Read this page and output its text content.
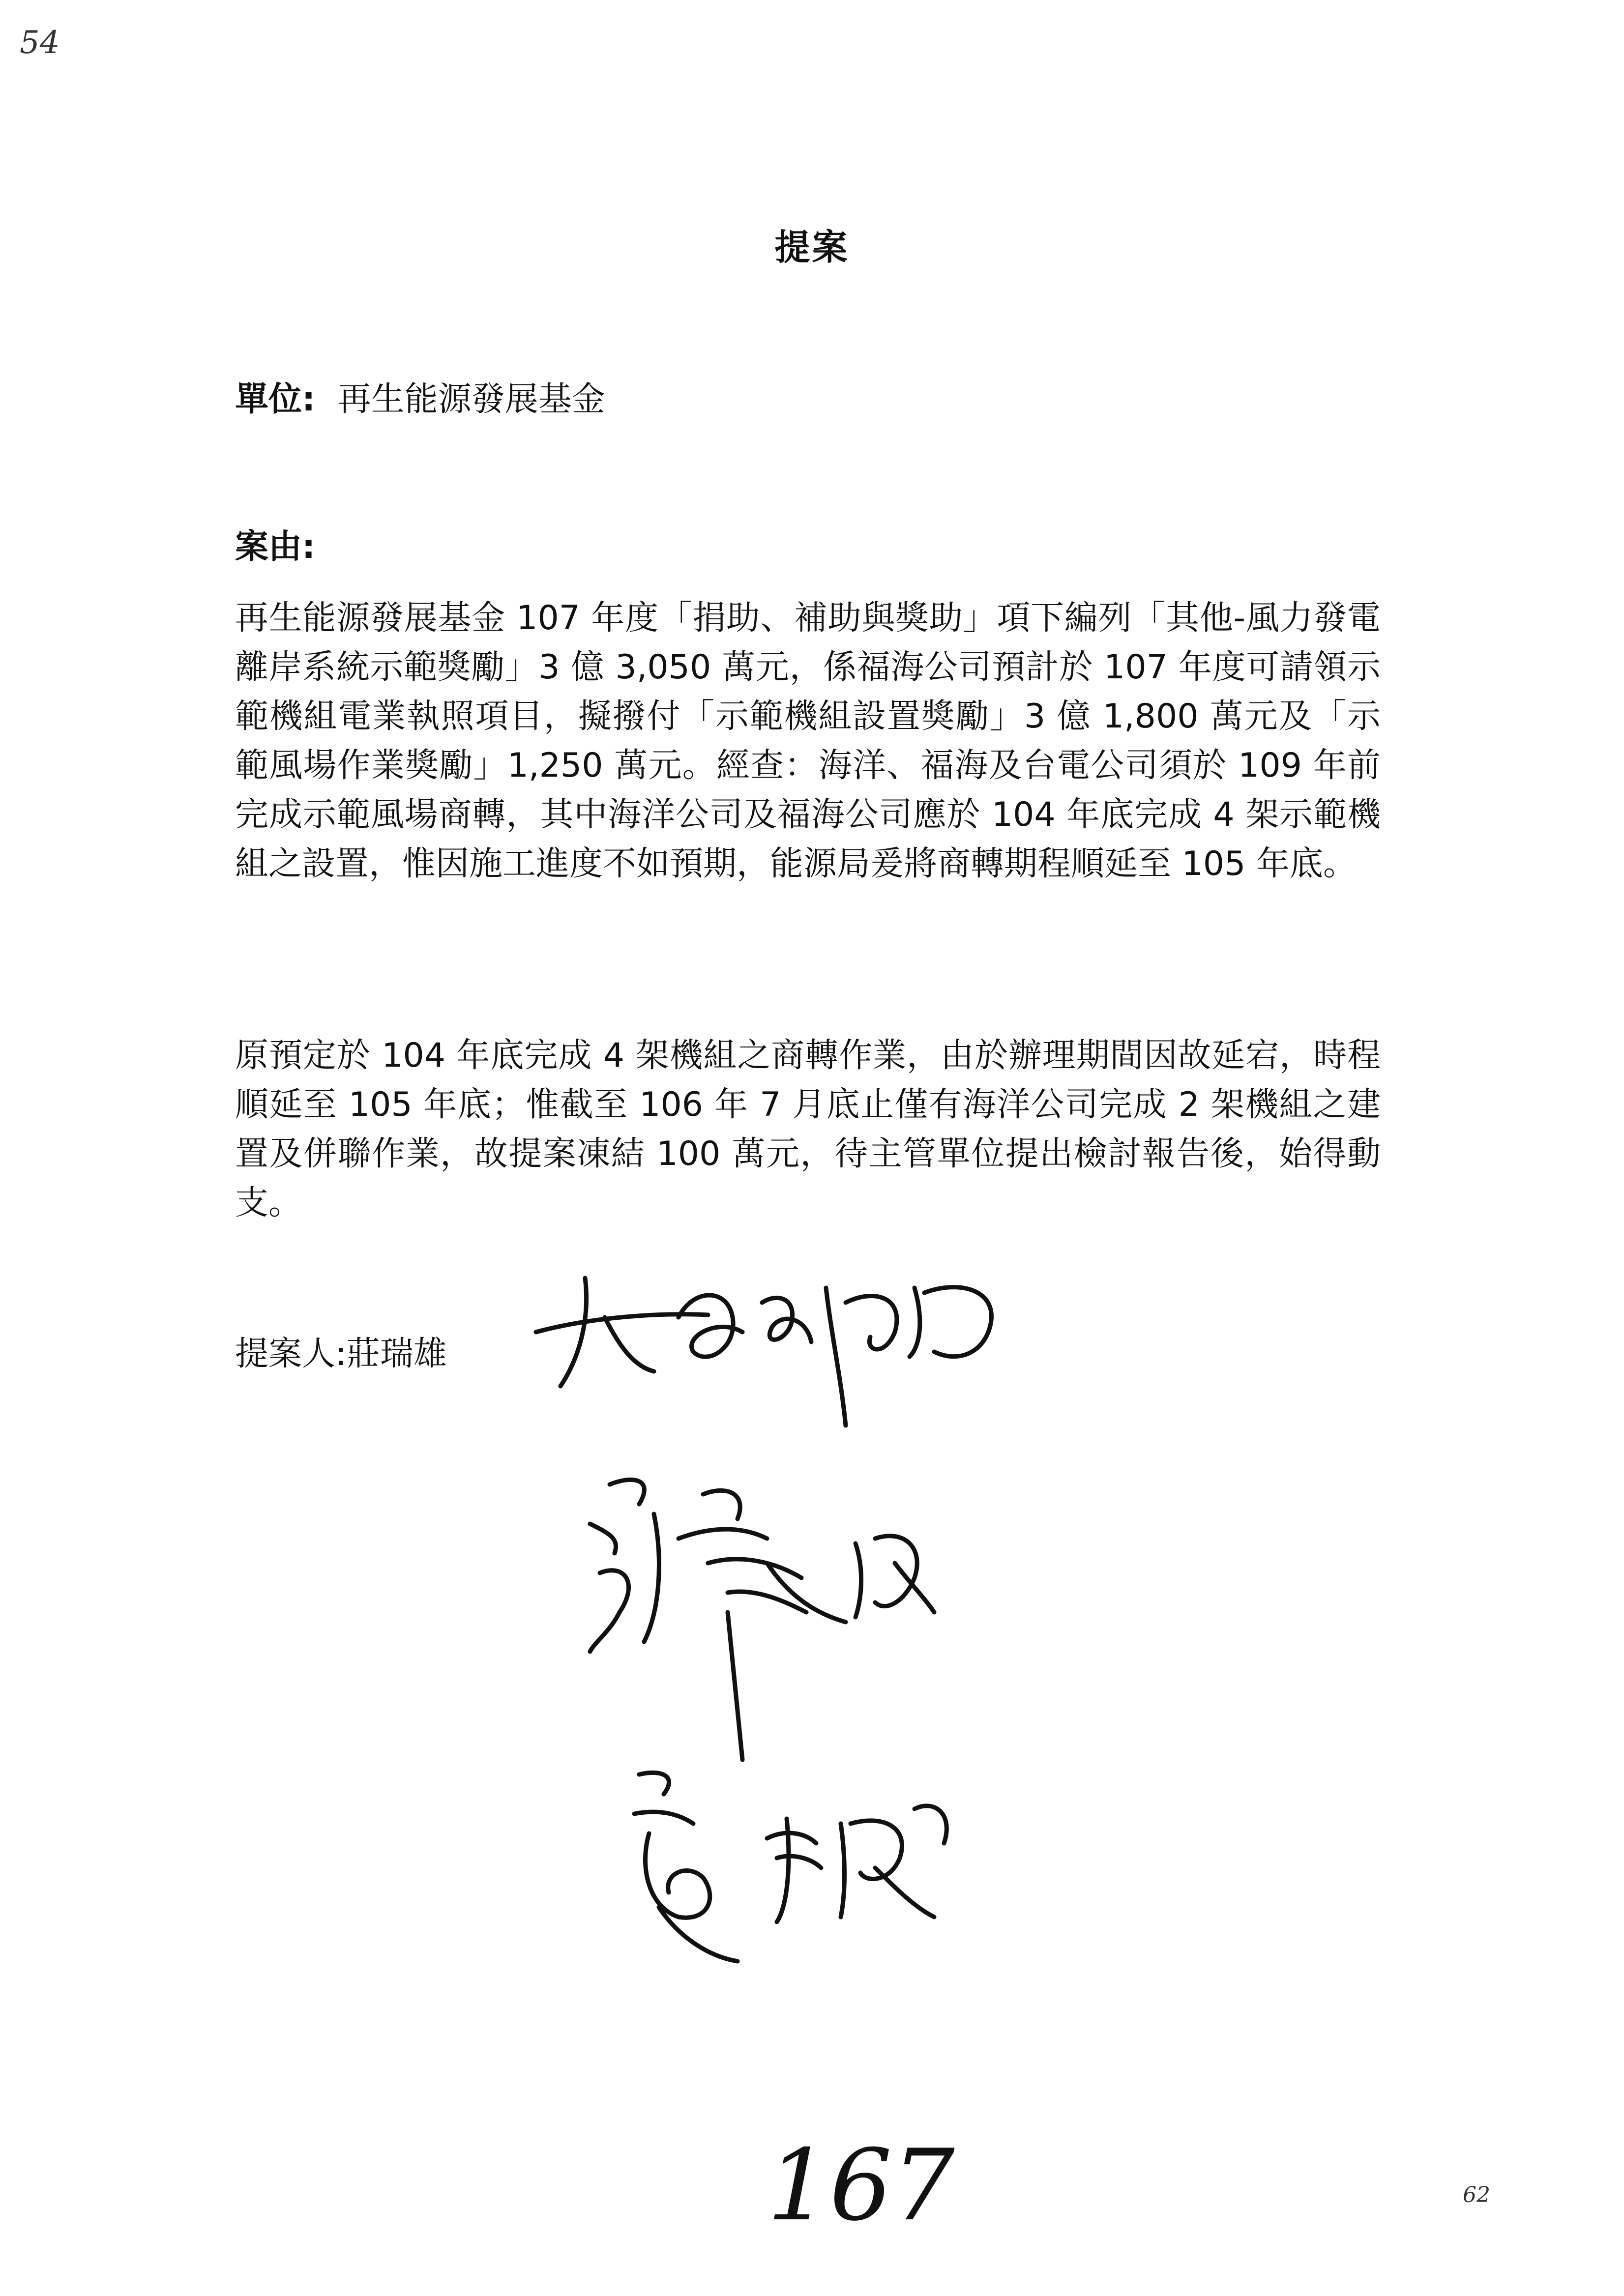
54
提案
單位: 再生能源發展基金
案由:
再生能源發展基金 107 年度「捐助、補助與獎助」項下編列「其他-風力發電離岸系統示範獎勵」3 億 3,050 萬元，係福海公司預計於 107 年度可請領示範機組電業執照項目，擬撥付「示範機組設置獎勵」3 億 1,800 萬元及「示範風場作業獎勵」1,250 萬元。經查：海洋、福海及台電公司須於 109 年前完成示範風場商轉，其中海洋公司及福海公司應於 104 年底完成 4 架示範機組之設置，惟因施工進度不如預期，能源局爰將商轉期程順延至 105 年底。
原預定於 104 年底完成 4 架機組之商轉作業，由於辦理期間因故延宕，時程順延至 105 年底；惟截至 106 年 7 月底止僅有海洋公司完成 2 架機組之建置及併聯作業，故提案凍結 100 萬元，待主管單位提出檢討報告後，始得動支。
提案人:莊瑞雄
167	62
